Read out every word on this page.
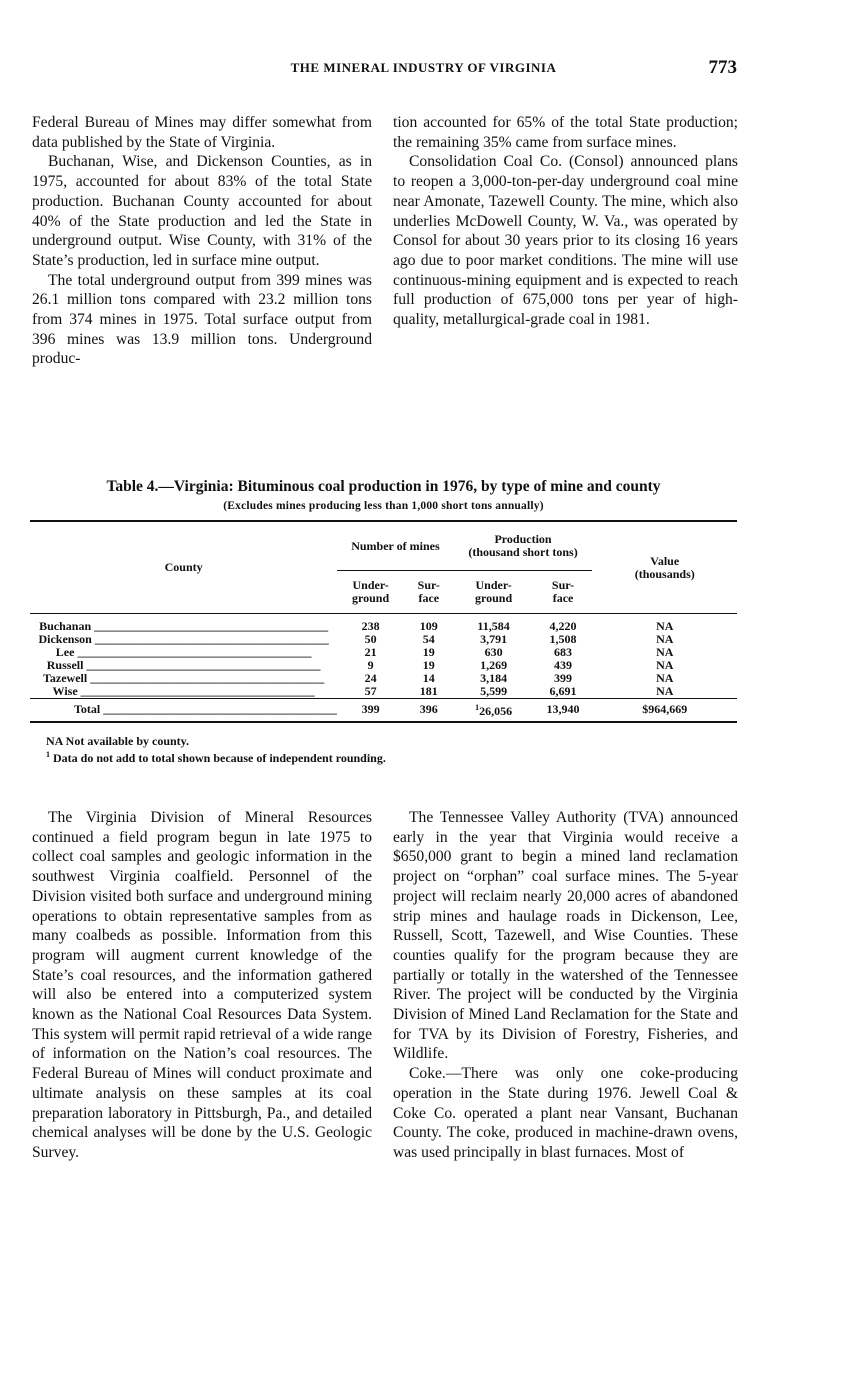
THE MINERAL INDUSTRY OF VIRGINIA	773

Federal Bureau of Mines may differ somewhat from data published by the State of Virginia.

Buchanan, Wise, and Dickenson Counties, as in 1975, accounted for about 83% of the total State production. Buchanan County accounted for about 40% of the State production and led the State in underground output. Wise County, with 31% of the State’s production, led in surface mine output.

The total underground output from 399 mines was 26.1 million tons compared with 23.2 million tons from 374 mines in 1975. Total surface output from 396 mines was 13.9 million tons. Underground produc-

tion accounted for 65% of the total State production; the remaining 35% came from surface mines.

Consolidation Coal Co. (Consol) announced plans to reopen a 3,000-ton-per-day underground coal mine near Amonate, Tazewell County. The mine, which also underlies McDowell County, W. Va., was operated by Consol for about 30 years prior to its closing 16 years ago due to poor market conditions. The mine will use continuous-mining equipment and is expected to reach full production of 675,000 tons per year of high-quality, metallurgical-grade coal in 1981.

Table 4.—Virginia: Bituminous coal production in 1976, by type of mine and county
(Excludes mines producing less than 1,000 short tons annually)
County	Number of mines		Production (thousand short tons)		Value (thousands)

	Under- ground	Sur- face	Under- ground	Sur- face	

Buchanan _______________________________________	238	109	11,584	4,220	NA
Dickenson _______________________________________	50	54	3,791	1,508	NA
Lee _______________________________________	21	19	630	683	NA
Russell _______________________________________	9	19	1,269	439	NA
Tazewell _______________________________________	24	14	3,184	399	NA
Wise _______________________________________	57	181	5,599	6,691	NA
Total _______________________________________	399	396	$^1$26,056	13,940	$964,669
NA Not available by county.
$^1$ Data do not add to total shown because of independent rounding.

The Virginia Division of Mineral Resources continued a field program begun in late 1975 to collect coal samples and geologic information in the southwest Virginia coalfield. Personnel of the Division visited both surface and underground mining operations to obtain representative samples from as many coalbeds as possible. Information from this program will augment current knowledge of the State’s coal resources, and the information gathered will also be entered into a computerized system known as the National Coal Resources Data System. This system will permit rapid retrieval of a wide range of information on the Nation’s coal resources. The Federal Bureau of Mines will conduct proximate and ultimate analysis on these samples at its coal preparation laboratory in Pittsburgh, Pa., and detailed chemical analyses will be done by the U.S. Geologic Survey.

The Tennessee Valley Authority (TVA) announced early in the year that Virginia would receive a $650,000 grant to begin a mined land reclamation project on “orphan” coal surface mines. The 5-year project will reclaim nearly 20,000 acres of abandoned strip mines and haulage roads in Dickenson, Lee, Russell, Scott, Tazewell, and Wise Counties. These counties qualify for the program because they are partially or totally in the watershed of the Tennessee River. The project will be conducted by the Virginia Division of Mined Land Reclamation for the State and for TVA by its Division of Forestry, Fisheries, and Wildlife.

Coke.—There was only one coke-producing operation in the State during 1976. Jewell Coal & Coke Co. operated a plant near Vansant, Buchanan County. The coke, produced in machine-drawn ovens, was used principally in blast furnaces. Most of
